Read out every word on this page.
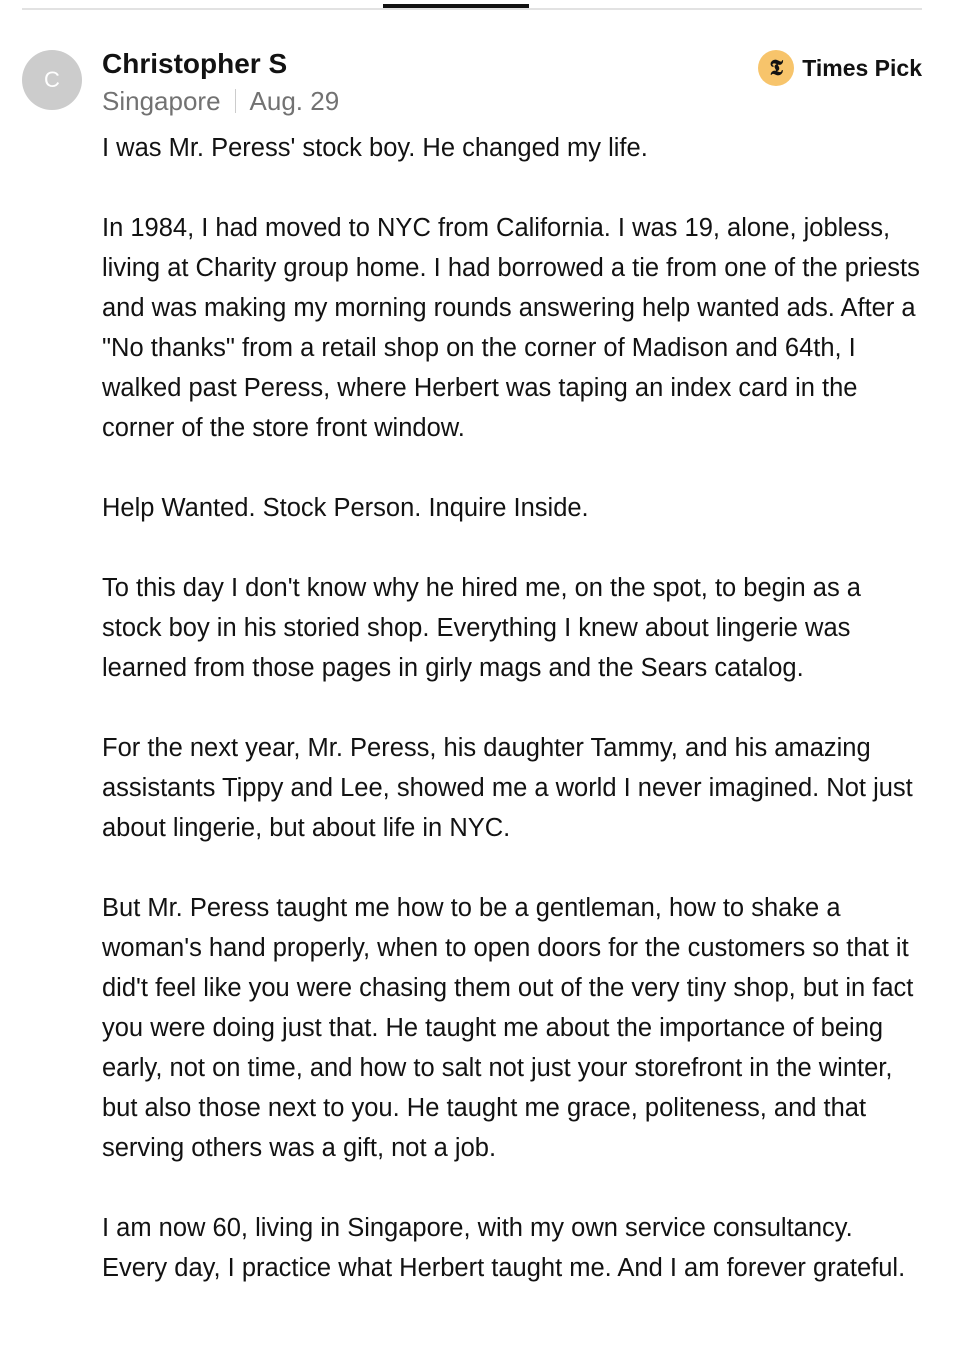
C
Christopher S
Singapore Aug. 29
𝕿 Times Pick

I was Mr. Peress' stock boy. He changed my life.

In 1984, I had moved to NYC from California. I was 19, alone, jobless, living at Charity group home. I had borrowed a tie from one of the priests and was making my morning rounds answering help wanted ads. After a "No thanks" from a retail shop on the corner of Madison and 64th, I walked past Peress, where Herbert was taping an index card in the corner of the store front window.

Help Wanted. Stock Person. Inquire Inside.

To this day I don't know why he hired me, on the spot, to begin as a stock boy in his storied shop. Everything I knew about lingerie was learned from those pages in girly mags and the Sears catalog.

For the next year, Mr. Peress, his daughter Tammy, and his amazing assistants Tippy and Lee, showed me a world I never imagined. Not just about lingerie, but about life in NYC.

But Mr. Peress taught me how to be a gentleman, how to shake a woman's hand properly, when to open doors for the customers so that it did't feel like you were chasing them out of the very tiny shop, but in fact you were doing just that. He taught me about the importance of being early, not on time, and how to salt not just your storefront in the winter, but also those next to you. He taught me grace, politeness, and that serving others was a gift, not a job.

I am now 60, living in Singapore, with my own service consultancy. Every day, I practice what Herbert taught me. And I am forever grateful.
